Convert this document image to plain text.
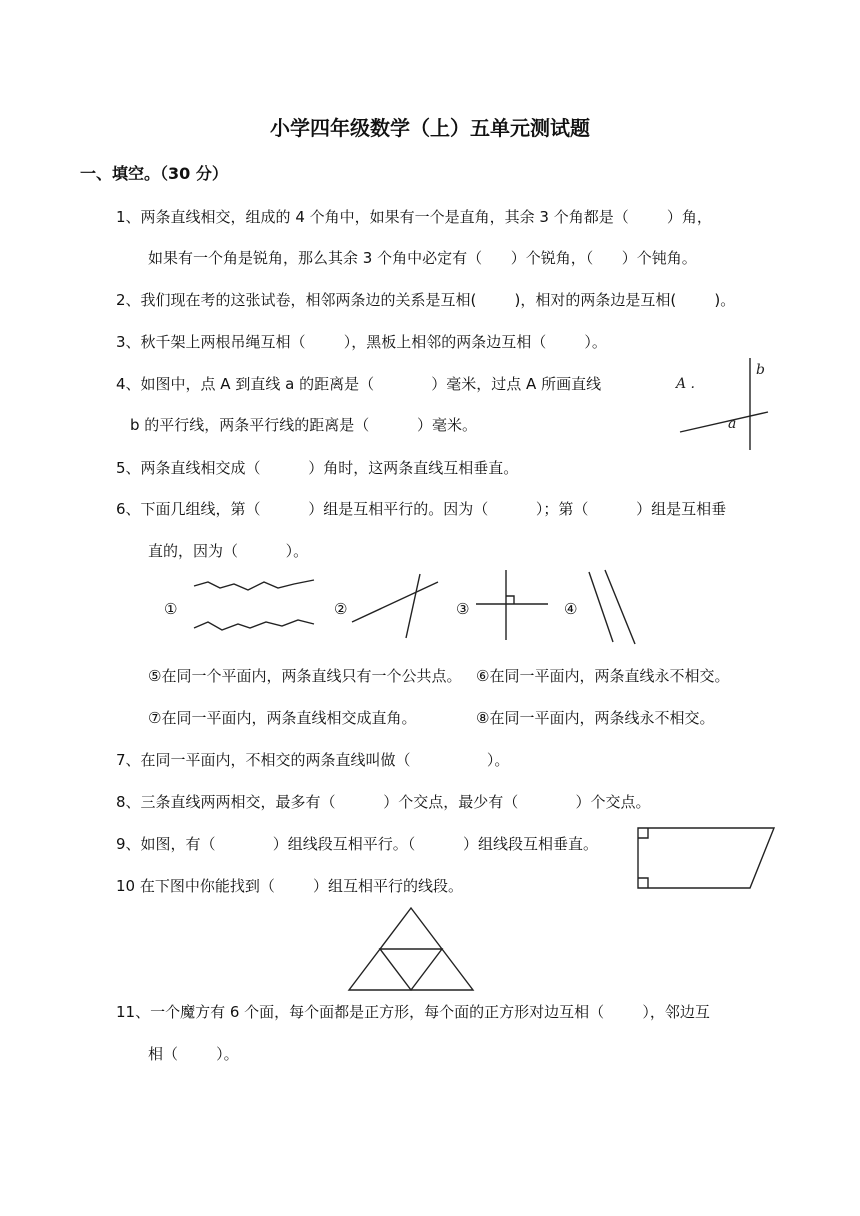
小学四年级数学（上）五单元测试题
一、填空。（30 分）
1、两条直线相交，组成的 4 个角中，如果有一个是直角，其余 3 个角都是（        ）角，
如果有一个角是锐角，那么其余 3 个角中必定有（      ）个锐角，（      ）个钝角。
2、我们现在考的这张试卷，相邻两条边的关系是互相(        )，相对的两条边是互相(        )。
3、秋千架上两根吊绳互相（        ），黑板上相邻的两条边互相（        ）。
4、如图中，点 A 到直线 a 的距离是（            ）毫米，过点 A 所画直线
b 的平行线，两条平行线的距离是（          ）毫米。
A .
a
b
5、两条直线相交成（          ）角时，这两条直线互相垂直。
6、下面几组线，第（          ）组是互相平行的。因为（          ）；第（          ）组是互相垂
直的，因为（          ）。
①	②	③	④
⑤在同一个平面内，两条直线只有一个公共点。 ⑥在同一平面内，两条直线永不相交。
⑦在同一平面内，两条直线相交成直角。	⑧在同一平面内，两条线永不相交。
7、在同一平面内，不相交的两条直线叫做（                ）。
8、三条直线两两相交，最多有（          ）个交点，最少有（            ）个交点。
9、如图，有（            ）组线段互相平行。（          ）组线段互相垂直。
10 在下图中你能找到（        ）组互相平行的线段。
11、一个魔方有 6 个面，每个面都是正方形，每个面的正方形对边互相（        ），邻边互
相（        ）。
